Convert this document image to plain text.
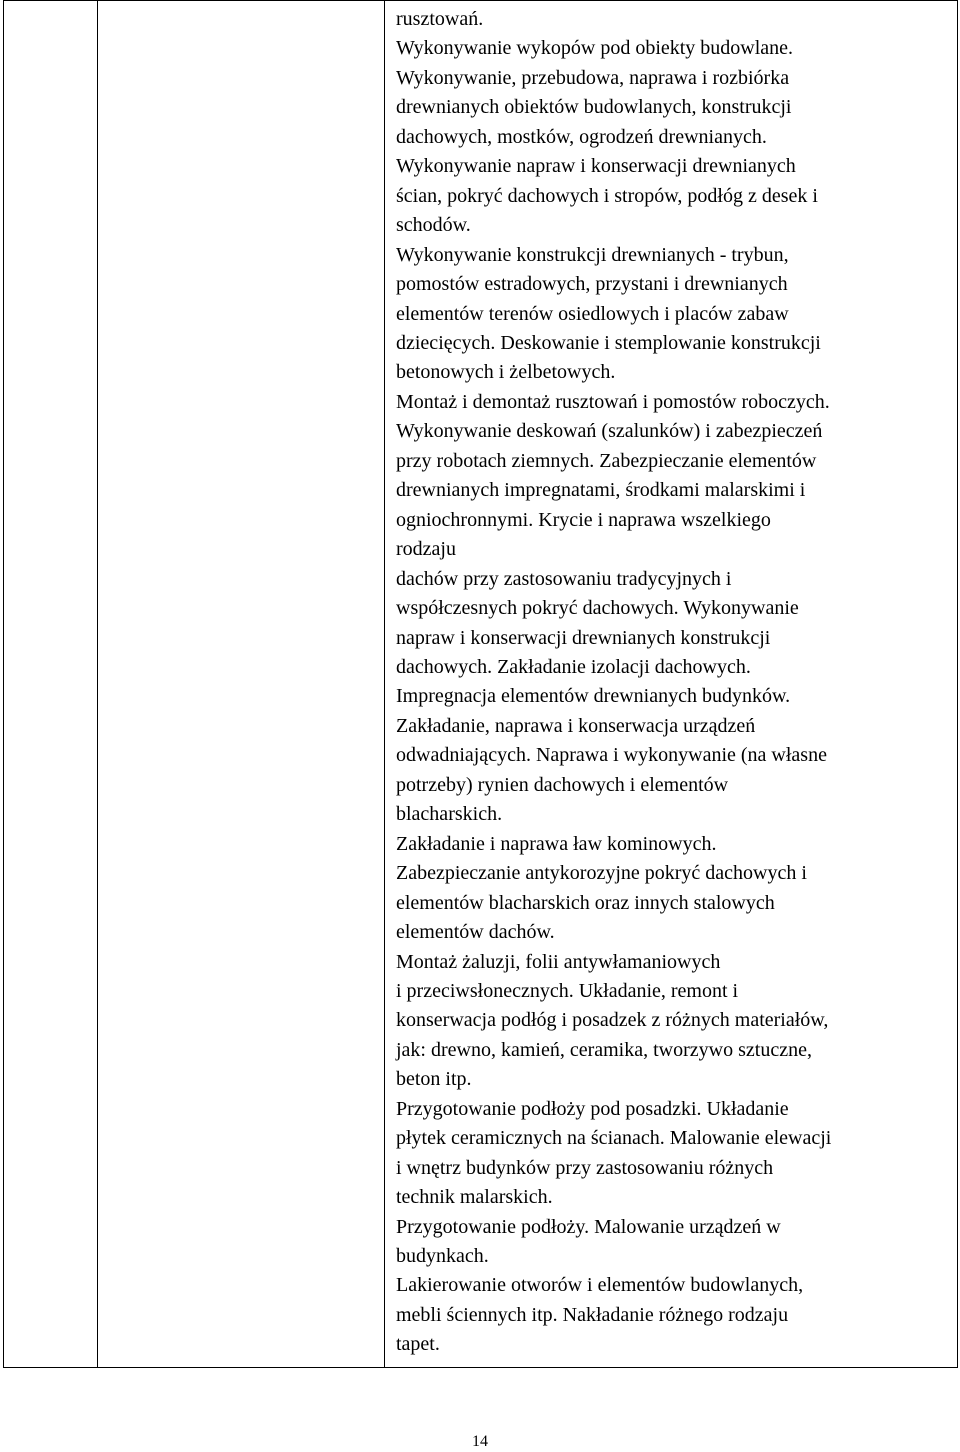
rusztowań.
Wykonywanie wykopów pod obiekty budowlane.
Wykonywanie, przebudowa, naprawa i rozbiórka
drewnianych obiektów budowlanych, konstrukcji
dachowych, mostków, ogrodzeń drewnianych.
Wykonywanie napraw i konserwacji drewnianych
ścian, pokryć dachowych i stropów, podłóg z desek i
schodów.
Wykonywanie konstrukcji drewnianych - trybun,
pomostów estradowych, przystani i drewnianych
elementów terenów osiedlowych i placów zabaw
dziecięcych. Deskowanie i stemplowanie konstrukcji
betonowych i żelbetowych.
Montaż i demontaż rusztowań i pomostów roboczych.
Wykonywanie deskowań (szalunków) i zabezpieczeń
przy robotach ziemnych. Zabezpieczanie elementów
drewnianych impregnatami, środkami malarskimi i
ogniochronnymi. Krycie i naprawa wszelkiego
rodzaju
dachów przy zastosowaniu tradycyjnych i
współczesnych pokryć dachowych. Wykonywanie
napraw i konserwacji drewnianych konstrukcji
dachowych. Zakładanie izolacji dachowych.
Impregnacja elementów drewnianych budynków.
Zakładanie, naprawa i konserwacja urządzeń
odwadniających. Naprawa i wykonywanie (na własne
potrzeby) rynien dachowych i elementów
blacharskich.
Zakładanie i naprawa ław kominowych.
Zabezpieczanie antykorozyjne pokryć dachowych i
elementów blacharskich oraz innych stalowych
elementów dachów.
Montaż żaluzji, folii antywłamaniowych
i przeciwsłonecznych. Układanie, remont i
konserwacja podłóg i posadzek z różnych materiałów,
jak: drewno, kamień, ceramika, tworzywo sztuczne,
beton itp.
Przygotowanie podłoży pod posadzki. Układanie
płytek ceramicznych na ścianach. Malowanie elewacji
i wnętrz budynków przy zastosowaniu różnych
technik malarskich.
Przygotowanie podłoży. Malowanie urządzeń w
budynkach.
Lakierowanie otworów i elementów budowlanych,
mebli ściennych itp. Nakładanie różnego rodzaju
tapet.
14
